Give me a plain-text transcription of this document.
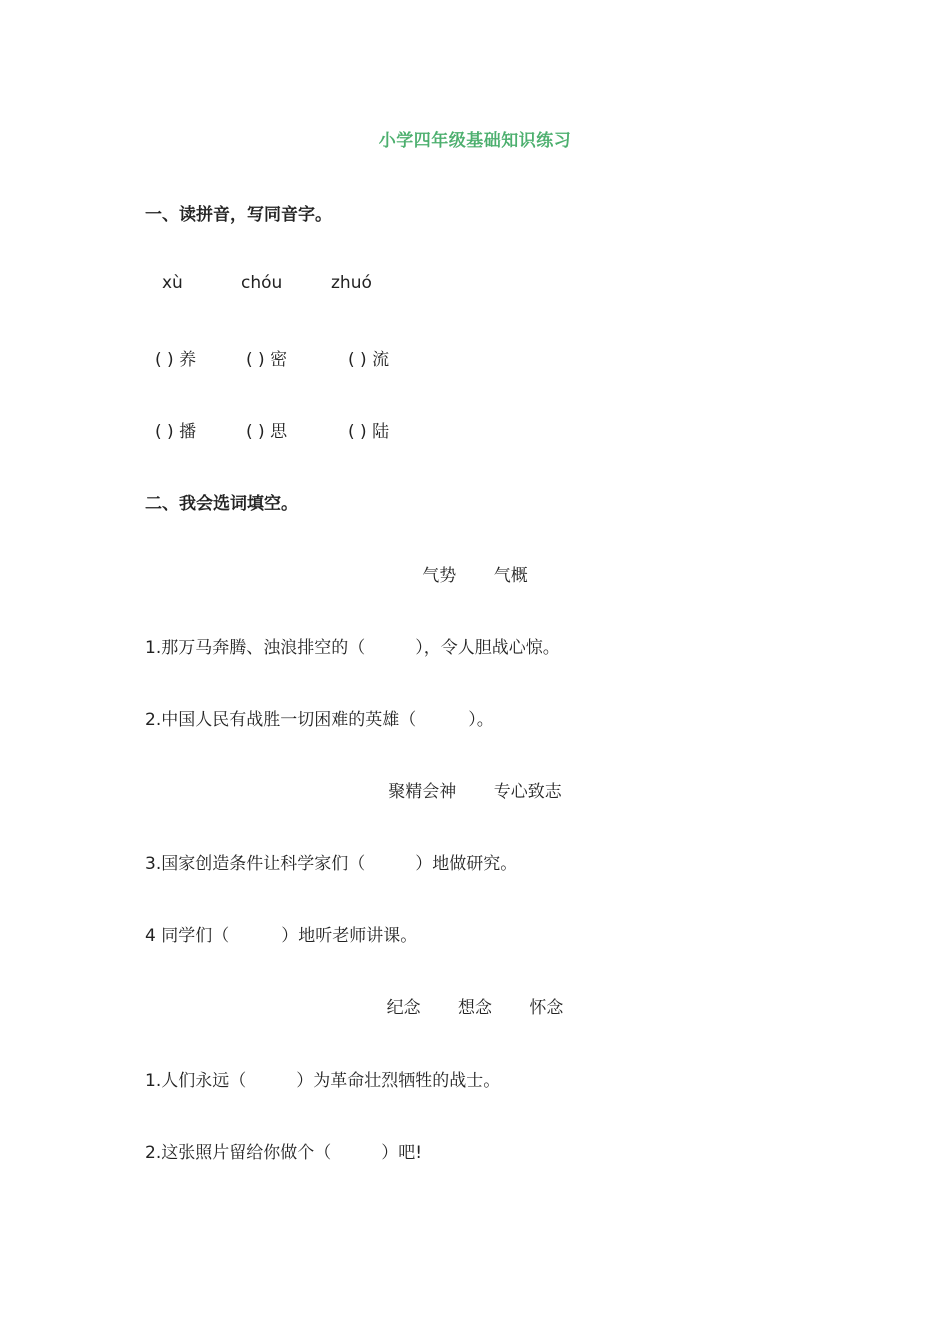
小学四年级基础知识练习
一、读拼音，写同音字。
xù	chóu	zhuó
( ) 养	( ) 密	( ) 流
( ) 播	( ) 思	( ) 陆
二、我会选词填空。
气势 气概
1.那万马奔腾、浊浪排空的（	），令人胆战心惊。
2.中国人民有战胜一切困难的英雄（	）。
聚精会神 专心致志
3.国家创造条件让科学家们（	）地做研究。
4 同学们（	）地听老师讲课。
纪念 想念 怀念
1.人们永远（	）为革命壮烈牺牲的战士。
2.这张照片留给你做个（	）吧!
